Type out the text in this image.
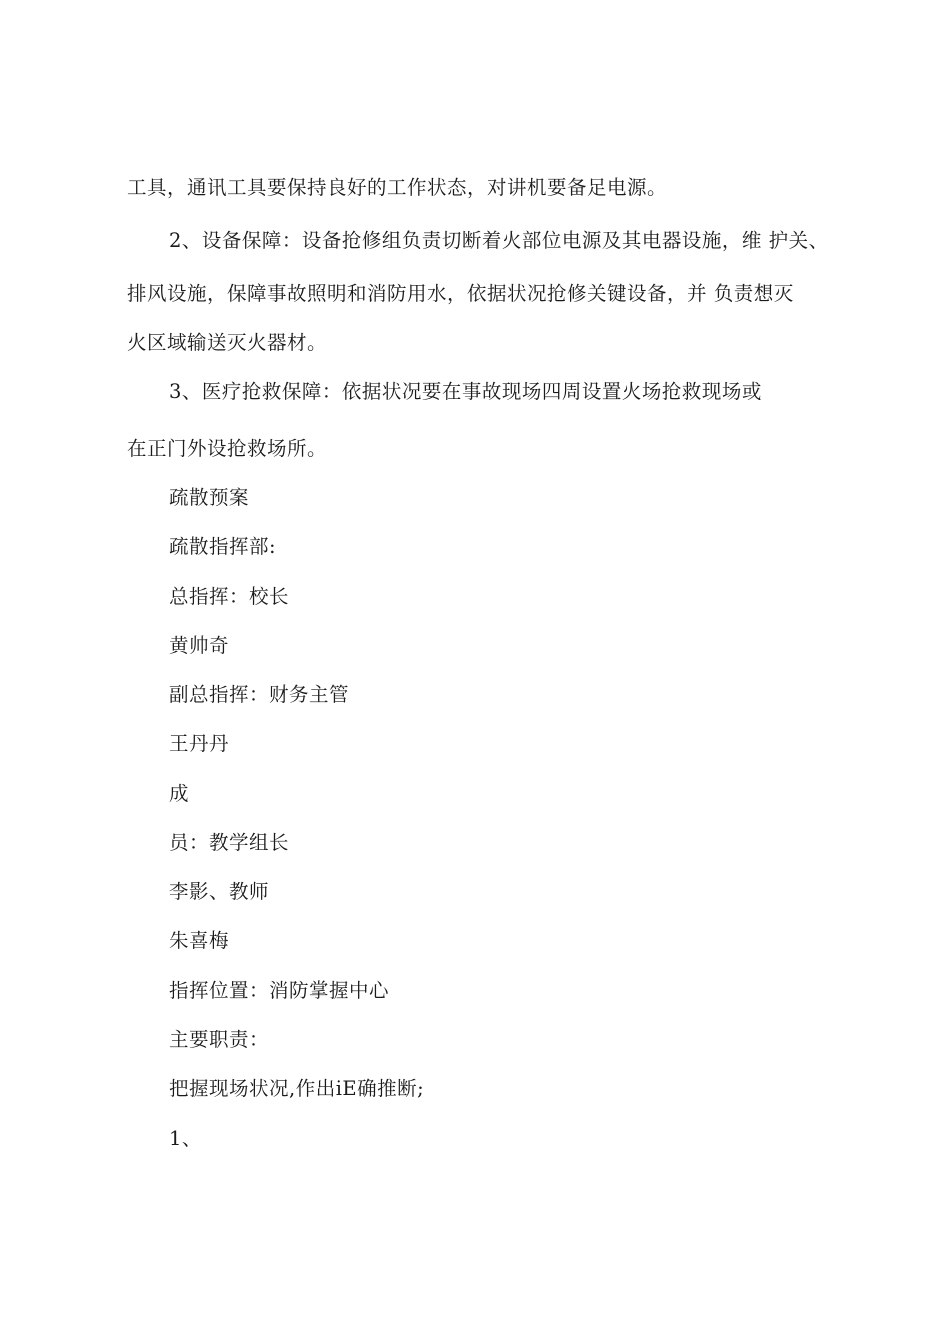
工具，通讯工具要保持良好的工作状态，对讲机要备足电源。
2、设备保障：设备抢修组负责切断着火部位电源及其电器设施，维 护关、
排风设施，保障事故照明和消防用水，依据状况抢修关键设备，并 负责想灭
火区域输送灭火器材。
3、医疗抢救保障：依据状况要在事故现场四周设置火场抢救现场或
在正门外设抢救场所。
疏散预案
疏散指挥部:
总指挥：校长
黄帅奇
副总指挥：财务主管
王丹丹
成
员：教学组长
李影、教师
朱喜梅
指挥位置：消防掌握中心
主要职责：
把握现场状况,作出iE确推断;
1、
